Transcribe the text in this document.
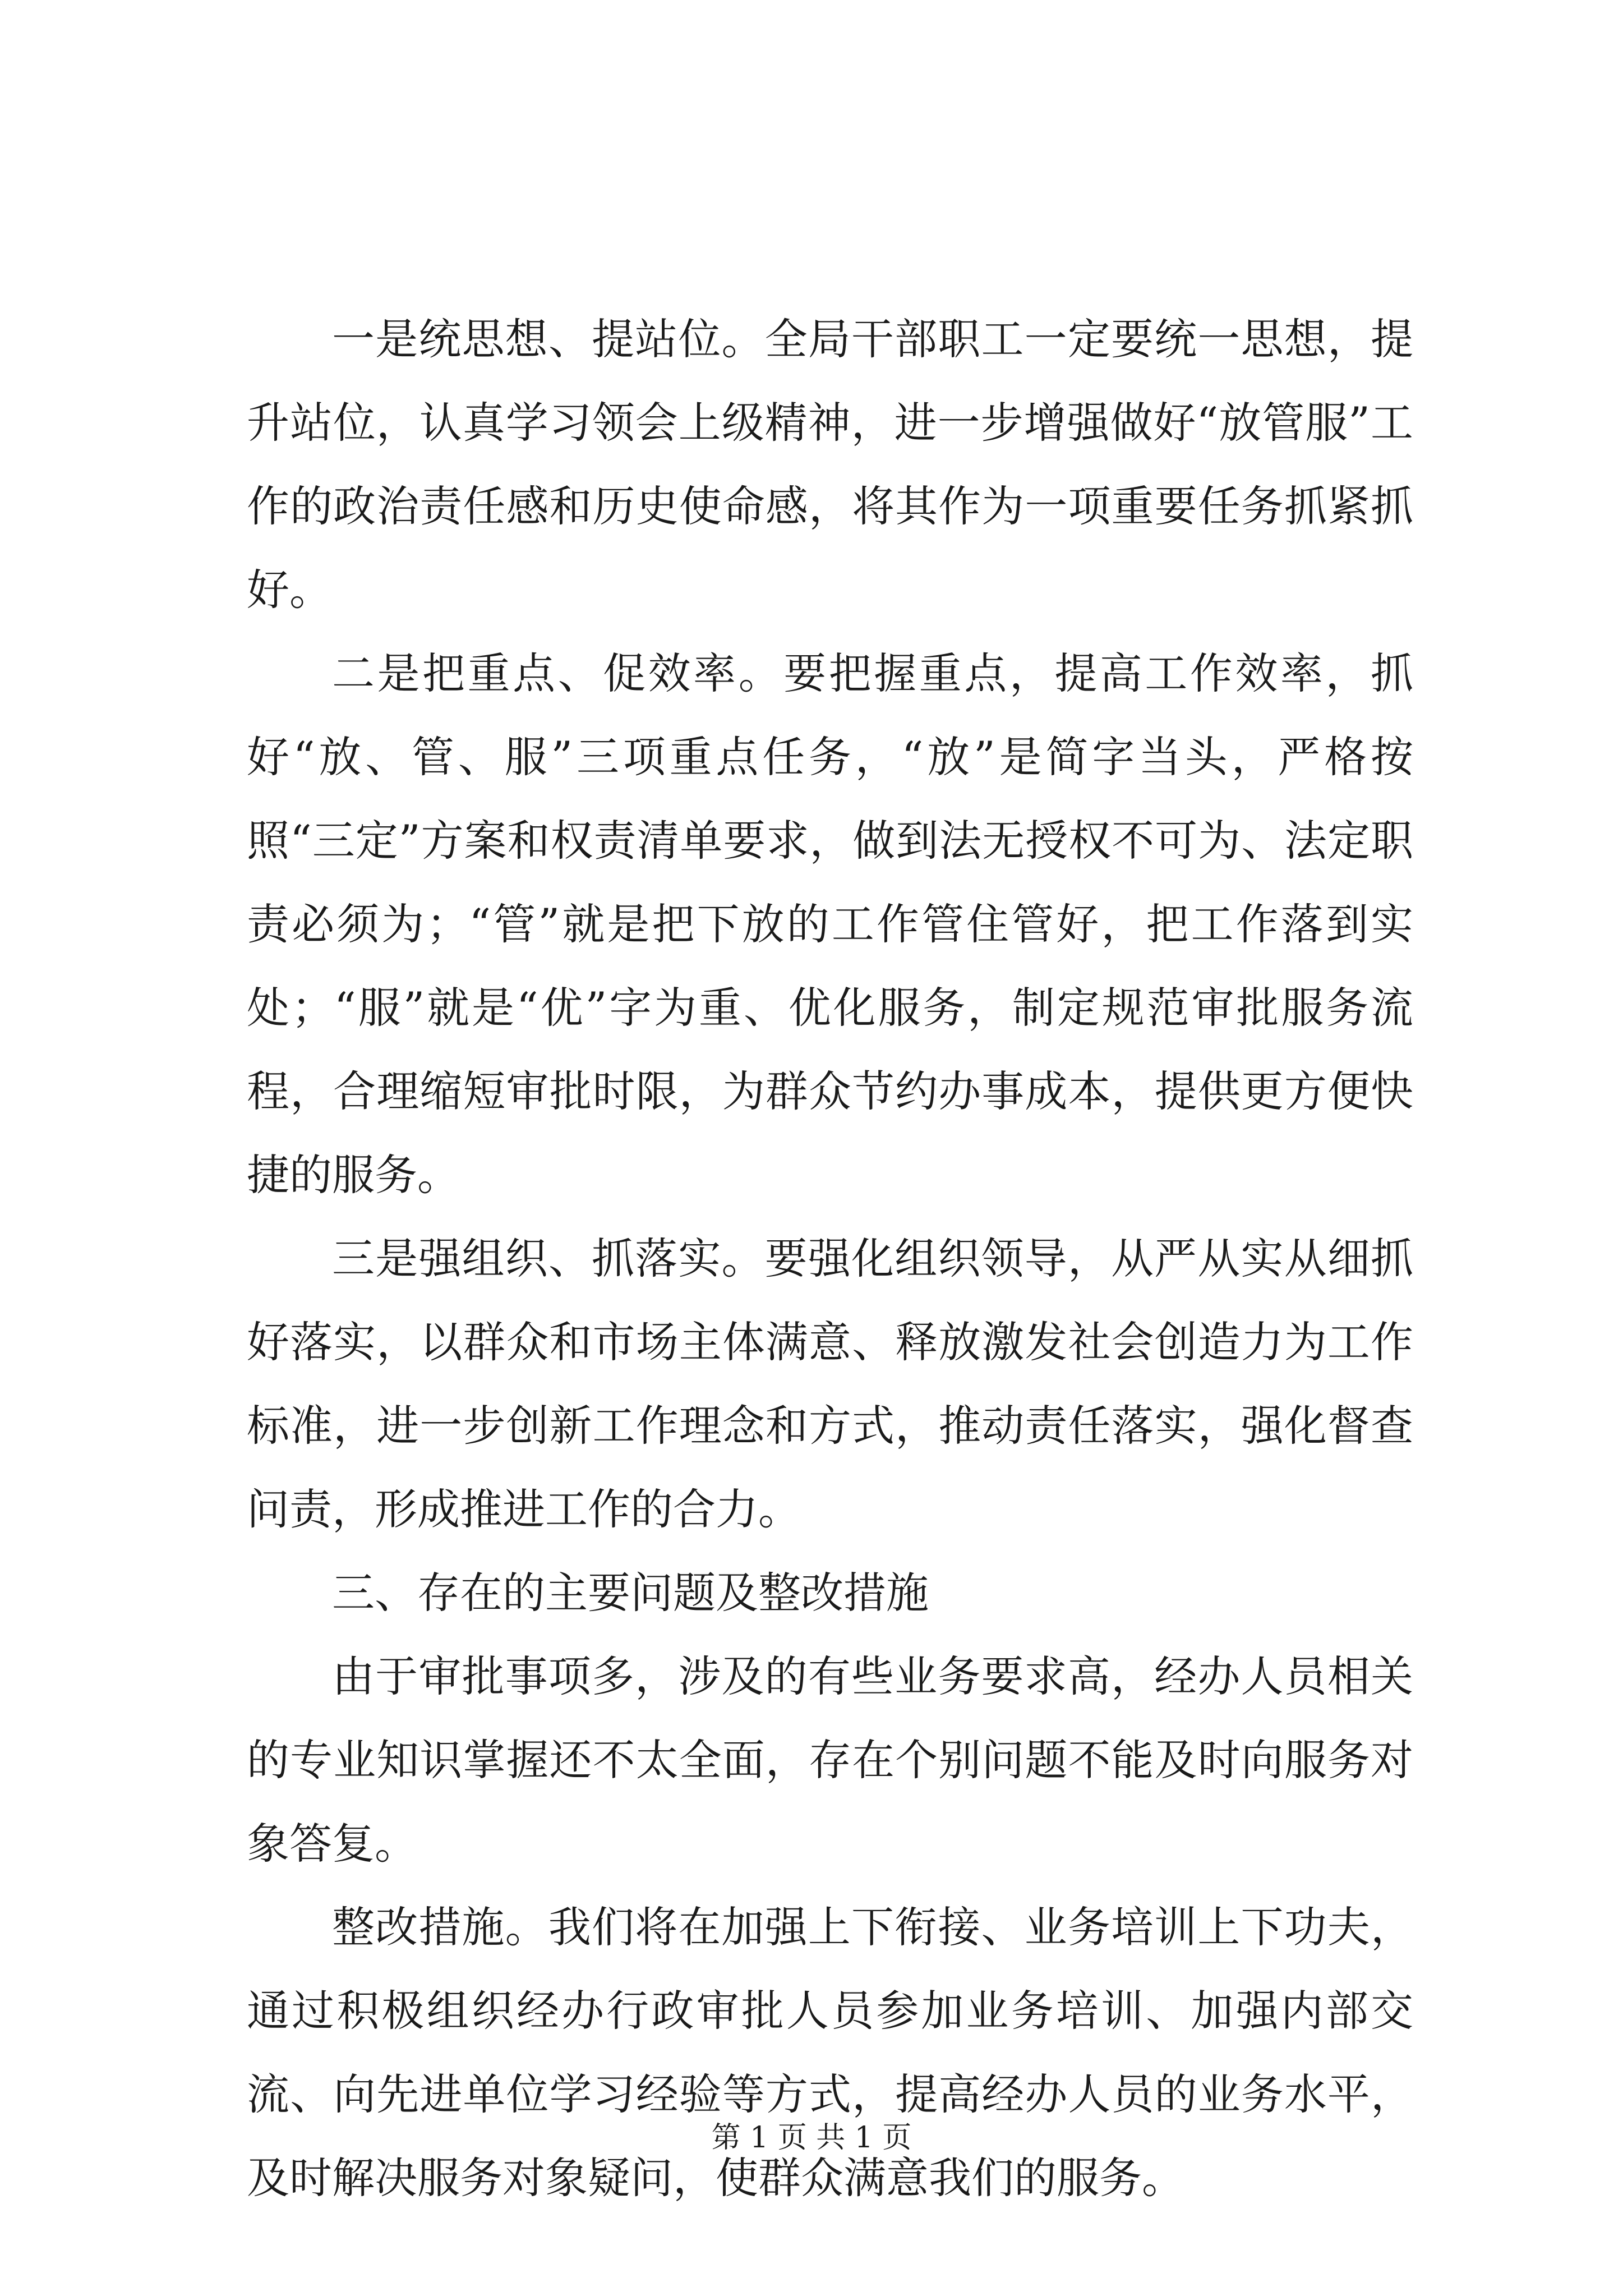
一是统思想、提站位。全局干部职工一定要统一思想，提升站位，认真学习领会上级精神，进一步增强做好“放管服”工作的政治责任感和历史使命感，将其作为一项重要任务抓紧抓好。

二是把重点、促效率。要把握重点，提高工作效率，抓好“放、管、服”三项重点任务，“放”是简字当头，严格按照“三定”方案和权责清单要求，做到法无授权不可为、法定职责必须为；“管”就是把下放的工作管住管好，把工作落到实处；“服”就是“优”字为重、优化服务，制定规范审批服务流程，合理缩短审批时限，为群众节约办事成本，提供更方便快捷的服务。

三是强组织、抓落实。要强化组织领导，从严从实从细抓好落实，以群众和市场主体满意、释放激发社会创造力为工作标准，进一步创新工作理念和方式，推动责任落实，强化督查问责，形成推进工作的合力。

三、存在的主要问题及整改措施

由于审批事项多，涉及的有些业务要求高，经办人员相关的专业知识掌握还不太全面，存在个别问题不能及时向服务对象答复。

整改措施。我们将在加强上下衔接、业务培训上下功夫，通过积极组织经办行政审批人员参加业务培训、加强内部交流、向先进单位学习经验等方式，提高经办人员的业务水平，及时解决服务对象疑问，使群众满意我们的服务。

第 1 页 共 1 页
